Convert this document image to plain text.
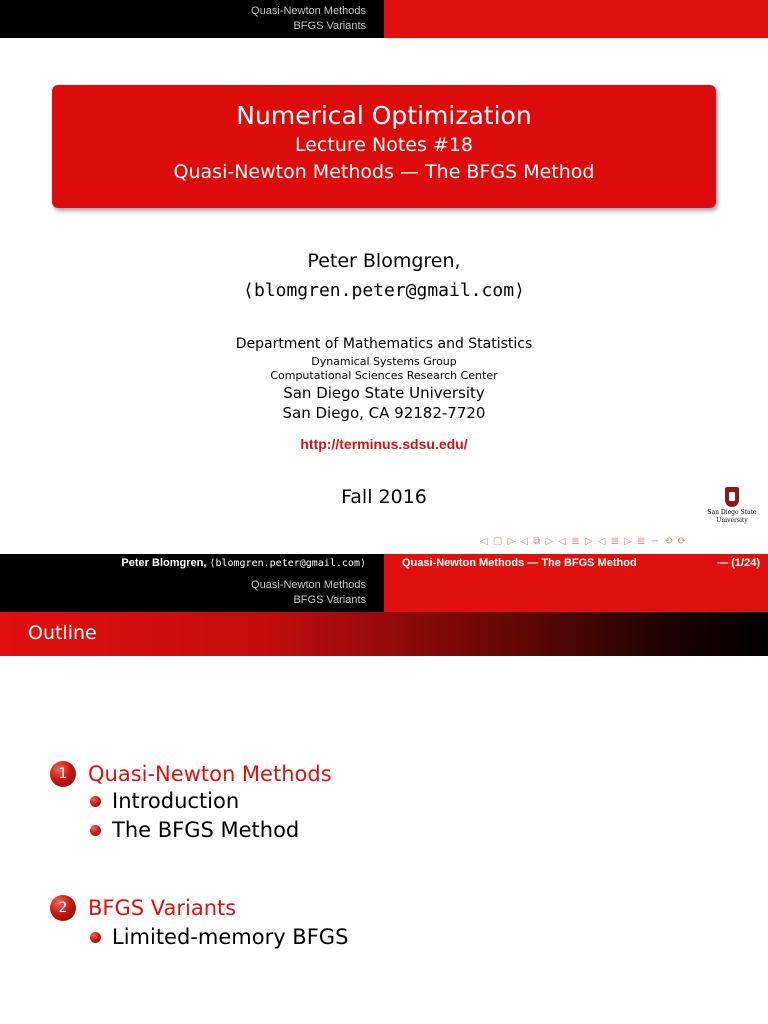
Quasi-Newton Methods
BFGS Variants
Numerical Optimization
Lecture Notes #18
Quasi-Newton Methods — The BFGS Method
Peter Blomgren,
⟨blomgren.peter@gmail.com⟩
Department of Mathematics and Statistics
Dynamical Systems Group
Computational Sciences Research Center
San Diego State University
San Diego, CA 92182-7720
http://terminus.sdsu.edu/
Fall 2016
San Diego State
University
◁ ▢ ▷ ◁ ⧉ ▷ ◁ ≣ ▷ ◁ ≣ ▷ ≣ ∽ ⟲ ⟳
Peter Blomgren, ⟨blomgren.peter@gmail.com⟩	Quasi-Newton Methods — The BFGS Method	— (1/24)
Quasi-Newton Methods
BFGS Variants
Outline
1 Quasi-Newton Methods
Introduction
The BFGS Method
2 BFGS Variants
Limited-memory BFGS
